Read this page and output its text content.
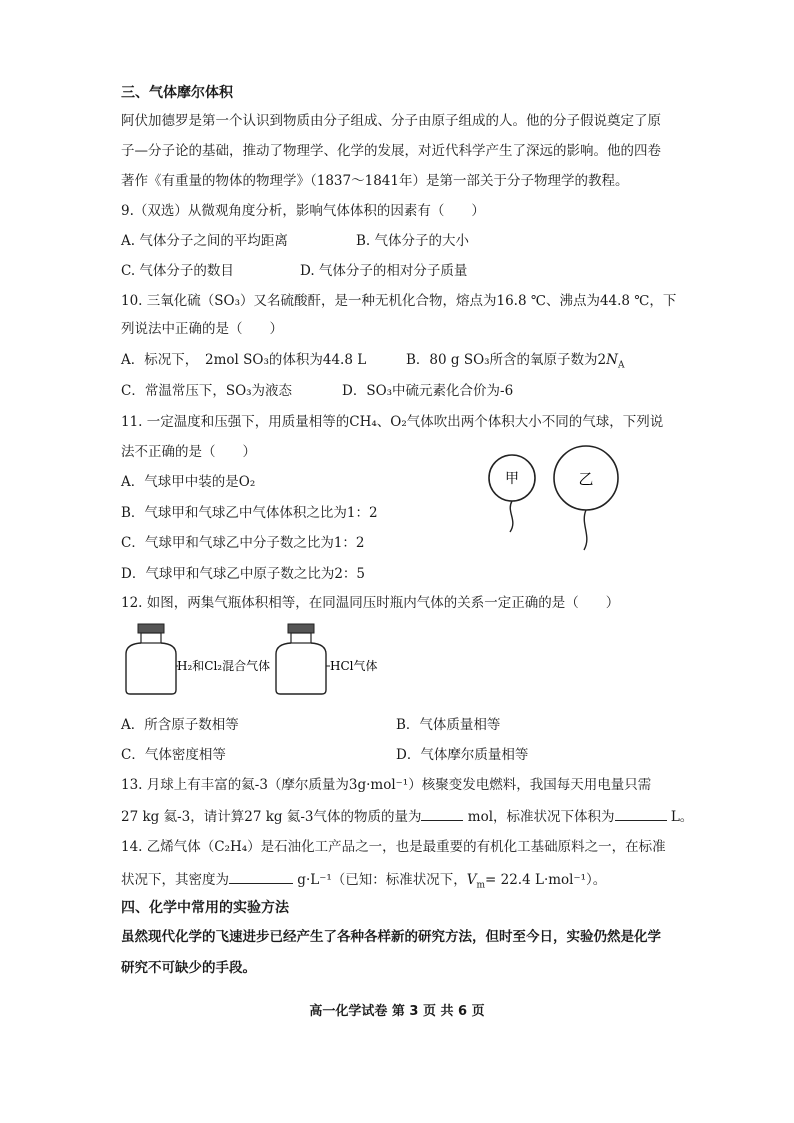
三、气体摩尔体积
阿伏加德罗是第一个认识到物质由分子组成、分子由原子组成的人。他的分子假说奠定了原
子—分子论的基础，推动了物理学、化学的发展，对近代科学产生了深远的影响。他的四卷
著作《有重量的物体的物理学》（1837～1841年）是第一部关于分子物理学的教程。
9.（双选）从微观角度分析，影响气体体积的因素有（　　）
A. 气体分子之间的平均距离	B. 气体分子的大小
C. 气体分子的数目	D. 气体分子的相对分子质量
10. 三氧化硫（SO₃）又名硫酸酐，是一种无机化合物，熔点为16.8 ℃、沸点为44.8 ℃，下
列说法中正确的是（　　）
A．标况下，　2mol SO₃的体积为44.8 L	B．80 g SO₃所含的氧原子数为$2N_A$
C．常温常压下，SO₃为液态	D．SO₃中硫元素化合价为-6
11. 一定温度和压强下，用质量相等的CH₄、O₂气体吹出两个体积大小不同的气球，下列说
法不正确的是（　　）
A．气球甲中装的是O₂
B．气球甲和气球乙中气体体积之比为1：2
C．气球甲和气球乙中分子数之比为1：2
D．气球甲和气球乙中原子数之比为2：5
甲	乙
12. 如图，两集气瓶体积相等，在同温同压时瓶内气体的关系一定正确的是（　　）
H₂和Cl₂混合气体	HCl气体
A．所含原子数相等	B．气体质量相等
C．气体密度相等	D．气体摩尔质量相等
13. 月球上有丰富的氦-3（摩尔质量为3g·mol⁻¹）核聚变发电燃料，我国每天用电量只需
27 kg 氦-3，请计算27 kg 氦-3气体的物质的量为	mol，标准状况下体积为	L。
14. 乙烯气体（C₂H₄）是石油化工产品之一，也是最重要的有机化工基础原料之一，在标准
状况下，其密度为	g·L⁻¹（已知：标准状况下，$V_m= 22.4$ L·mol⁻¹）。
四、化学中常用的实验方法
虽然现代化学的飞速进步已经产生了各种各样新的研究方法，但时至今日，实验仍然是化学
研究不可缺少的手段。
高一化学试卷 第 3 页 共 6 页
